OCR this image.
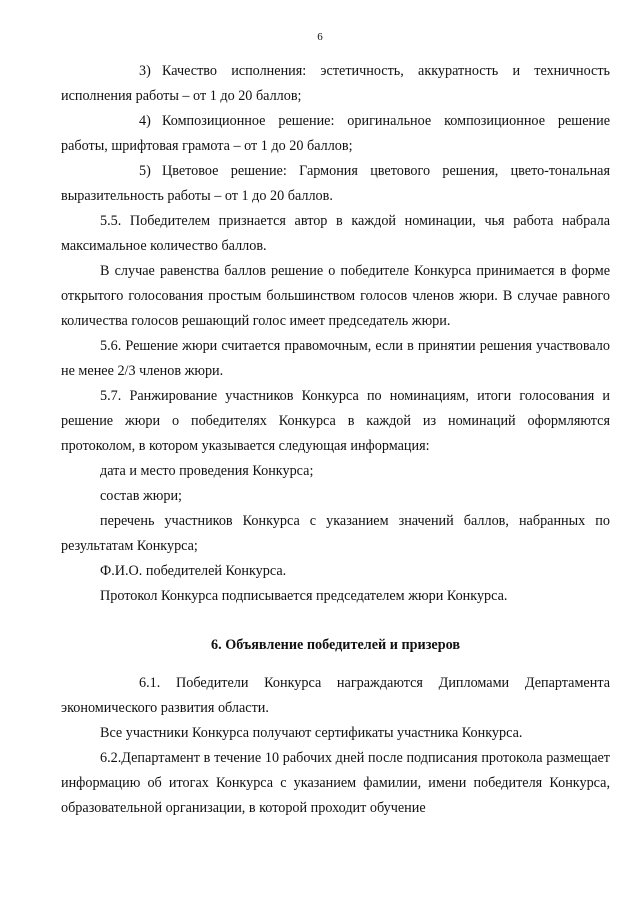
6

3) Качество исполнения: эстетичность, аккуратность и техничность исполнения работы – от 1 до 20 баллов;

4) Композиционное решение: оригинальное композиционное решение работы, шрифтовая грамота – от 1 до 20 баллов;

5) Цветовое решение: Гармония цветового решения, цвето-тональная выразительность работы – от 1 до 20 баллов.

5.5. Победителем признается автор в каждой номинации, чья работа набрала максимальное количество баллов.

В случае равенства баллов решение о победителе Конкурса принимается в форме открытого голосования простым большинством голосов членов жюри. В случае равного количества голосов решающий голос имеет председатель жюри.

5.6. Решение жюри считается правомочным, если в принятии решения участвовало не менее 2/3 членов жюри.

5.7. Ранжирование участников Конкурса по номинациям, итоги голосования и решение жюри о победителях Конкурса в каждой из номинаций оформляются протоколом, в котором указывается следующая информация:

дата и место проведения Конкурса;

состав жюри;

перечень участников Конкурса с указанием значений баллов, набранных по результатам Конкурса;

Ф.И.О. победителей Конкурса.

Протокол Конкурса подписывается председателем жюри Конкурса.

6. Объявление победителей и призеров

6.1. Победители Конкурса награждаются Дипломами Департамента экономического развития области.

Все участники Конкурса получают сертификаты участника Конкурса.

6.2.Департамент в течение 10 рабочих дней после подписания протокола размещает информацию об итогах Конкурса с указанием фамилии, имени победителя Конкурса, образовательной организации, в которой проходит обучение
